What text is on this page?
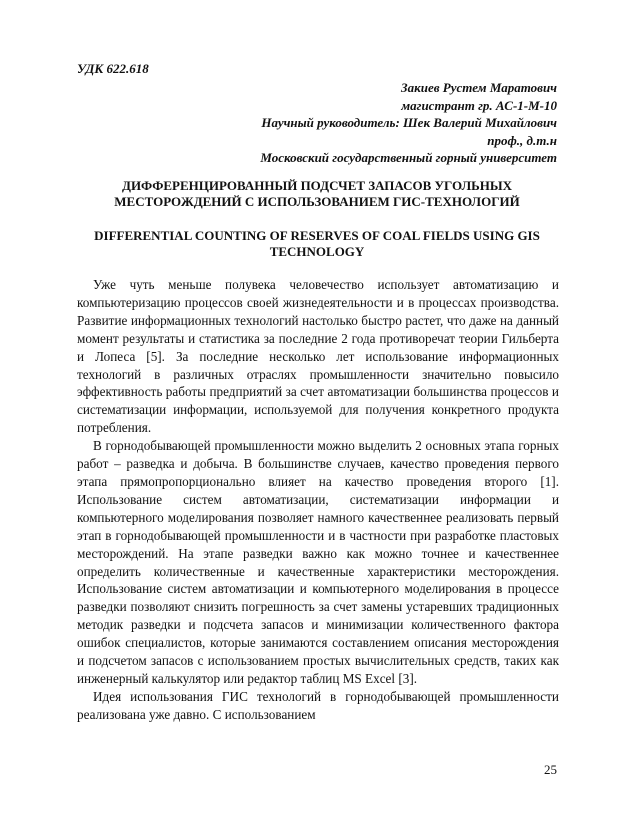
УДК 622.618
Закиев Рустем Маратович
магистрант гр. АС-1-М-10
Научный руководитель: Шек Валерий Михайлович
проф., д.т.н
Московский государственный горный университет
ДИФФЕРЕНЦИРОВАННЫЙ ПОДСЧЕТ ЗАПАСОВ УГОЛЬНЫХ МЕСТОРОЖДЕНИЙ С ИСПОЛЬЗОВАНИЕМ ГИС-ТЕХНОЛОГИЙ
DIFFERENTIAL COUNTING OF RESERVES OF COAL FIELDS USING GIS TECHNOLOGY

Уже чуть меньше полувека человечество использует автоматизацию и компьютеризацию процессов своей жизнедеятельности и в процессах производства. Развитие информационных технологий настолько быстро растет, что даже на данный момент результаты и статистика за последние 2 года противоречат теории Гильберта и Лопеса [5]. За последние несколько лет использование информационных технологий в различных отраслях промышленности значительно повысило эффективность работы предприятий за счет автоматизации большинства процессов и систематизации информации, используемой для получения конкретного продукта потребления.

В горнодобывающей промышленности можно выделить 2 основных этапа горных работ – разведка и добыча. В большинстве случаев, качество проведения первого этапа прямопропорционально влияет на качество проведения второго [1]. Использование систем автоматизации, систематизации информации и компьютерного моделирования позволяет намного качественнее реализовать первый этап в горнодобывающей промышленности и в частности при разработке пластовых месторождений. На этапе разведки важно как можно точнее и качественнее определить количественные и качественные характеристики месторождения. Использование систем автоматизации и компьютерного моделирования в процессе разведки позволяют снизить погрешность за счет замены устаревших традиционных методик разведки и подсчета запасов и минимизации количественного фактора ошибок специалистов, которые занимаются составлением описания месторождения и подсчетом запасов с использованием простых вычислительных средств, таких как инженерный калькулятор или редактор таблиц MS Excel [3].

Идея использования ГИС технологий в горнодобывающей промышленности реализована уже давно. С использованием

25
